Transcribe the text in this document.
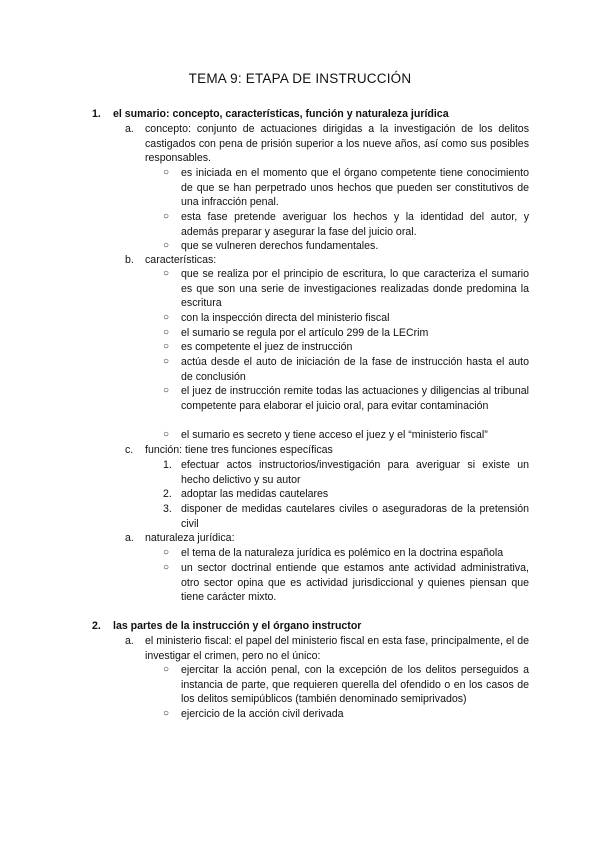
TEMA 9: ETAPA DE INSTRUCCIÓN
1.	el sumario: concepto, características, función y naturaleza jurídica
a.	concepto: conjunto de actuaciones dirigidas a la investigación de los delitos castigados con pena de prisión superior a los nueve años, así como sus posibles responsables.
○	es iniciada en el momento que el órgano competente tiene conocimiento de que se han perpetrado unos hechos que pueden ser constitutivos de una infracción penal.
○	esta fase pretende averiguar los hechos y la identidad del autor, y además preparar y asegurar la fase del juicio oral.
○	que se vulneren derechos fundamentales.
b.	características:
○	que se realiza por el principio de escritura, lo que caracteriza el sumario es que son una serie de investigaciones realizadas donde predomina la escritura
○	con la inspección directa del ministerio fiscal
○	el sumario se regula por el artículo 299 de la LECrim
○	es competente el juez de instrucción
○	actúa desde el auto de iniciación de la fase de instrucción hasta el auto de conclusión
○	el juez de instrucción remite todas las actuaciones y diligencias al tribunal competente para elaborar el juicio oral, para evitar contaminación
○	el sumario es secreto y tiene acceso el juez y el “ministerio fiscal”
c.	función: tiene tres funciones específicas
1. efectuar actos instructorios/investigación para averiguar si existe un hecho delictivo y su autor
2. adoptar las medidas cautelares
3. disponer de medidas cautelares civiles o aseguradoras de la pretensión civil
a.	naturaleza jurídica:
○	el tema de la naturaleza jurídica es polémico en la doctrina española
○	un sector doctrinal entiende que estamos ante actividad administrativa, otro sector opina que es actividad jurisdiccional y quienes piensan que tiene carácter mixto.
2.	las partes de la instrucción y el órgano instructor
a.	el ministerio fiscal: el papel del ministerio fiscal en esta fase, principalmente, el de investigar el crimen, pero no el único:
○	ejercitar la acción penal, con la excepción de los delitos perseguidos a instancia de parte, que requieren querella del ofendido o en los casos de los delitos semipúblicos (también denominado semiprivados)
○	ejercicio de la acción civil derivada
